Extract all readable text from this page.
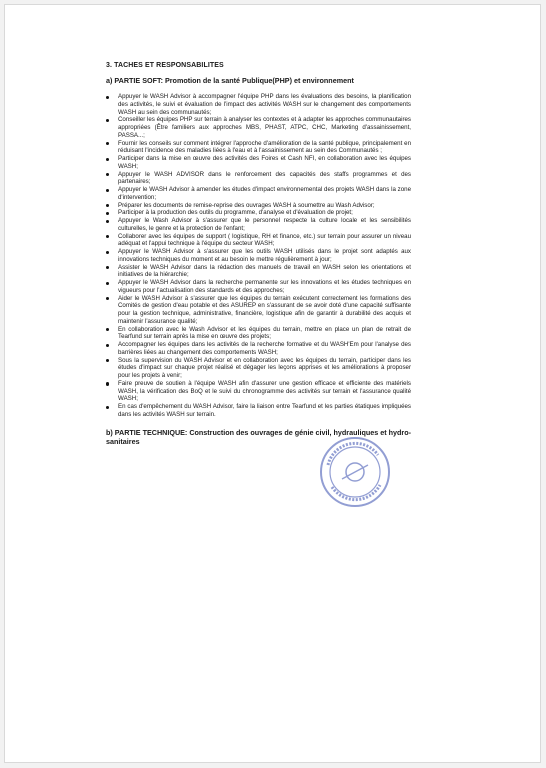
3. TACHES ET RESPONSABILITES
a) PARTIE SOFT: Promotion de la santé Publique(PHP) et environnement
Appuyer le WASH Advisor à accompagner l'équipe PHP dans les évaluations des besoins, la planification des activités, le suivi et évaluation de l'impact des activités WASH sur le changement des comportements WASH au sein des communautés;
Conseiller les équipes PHP sur terrain à analyser les contextes et à adapter les approches communautaires appropriées (Être familiers aux approches MBS, PHAST, ATPC, CHC, Marketing d'assainissement, PASSA...;
Fournir les conseils sur comment intégrer l'approche d'amélioration de la santé publique, principalement en réduisant l'incidence des maladies liées à l'eau et à l'assainissement au sein des Communautés ;
Participer dans la mise en œuvre des activités des Foires et Cash NFI, en collaboration avec les équipes WASH;
Appuyer le WASH ADVISOR dans le renforcement des capacités des staffs programmes et des partenaires;
Appuyer le WASH Advisor à amender les études d'impact environnemental des projets WASH dans la zone d'intervention;
Préparer les documents de remise-reprise des ouvrages WASH à soumettre au Wash Advisor;
Participer à la production des outils du programme, d'analyse et d'évaluation de projet;
Appuyer le Wash Advisor à s'assurer que le personnel respecte la culture locale et les sensibilités culturelles, le genre et la protection de l'enfant;
Collaborer avec les équipes de support ( logistique, RH et finance, etc.) sur terrain pour assurer un niveau adéquat et l'appui technique à l'équipe du secteur WASH;
Appuyer le WASH Advisor à s'assurer que les outils WASH utilisés dans le projet sont adaptés aux innovations techniques du moment et au besoin le mettre régulièrement à jour;
Assister le WASH Advisor dans la rédaction des manuels de travail en WASH selon les orientations et initiatives de la hiérarchie;
Appuyer le WASH Advisor dans la recherche permanente sur les innovations et les études techniques en vigueurs pour l'actualisation des standards et des approches;
Aider le WASH Advisor à s'assurer que les équipes du terrain exécutent correctement les formations des Comités de gestion d'eau potable et des ASUREP en s'assurant de se avoir doté d'une capacité suffisante pour la gestion technique, administrative, financière, logistique afin de garantir à durabilité des acquis et maintenir l'assurance qualité;
En collaboration avec le Wash Advisor et les équipes du terrain, mettre en place un plan de retrait de Tearfund sur terrain après la mise en œuvre des projets;
Accompagner les équipes dans les activités de la recherche formative et du WASH'Em pour l'analyse des barrières liées au changement des comportements WASH;
Sous la supervision du WASH Advisor et en collaboration avec les équipes du terrain, participer dans les études d'impact sur chaque projet réalisé et dégager les leçons apprises et les améliorations à proposer pour les projets à venir;
Faire preuve de soutien à l'équipe WASH afin d'assurer une gestion efficace et efficiente des matériels WASH, la vérification des BoQ et le suivi du chronogramme des activités sur terrain et l'assurance qualité WASH;
En cas d'empêchement du WASH Advisor, faire la liaison entre Tearfund et les parties étatiques impliquées dans les activités WASH sur terrain.
b) PARTIE TECHNIQUE: Construction des ouvrages de génie civil, hydrauliques et hydro-sanitaires
